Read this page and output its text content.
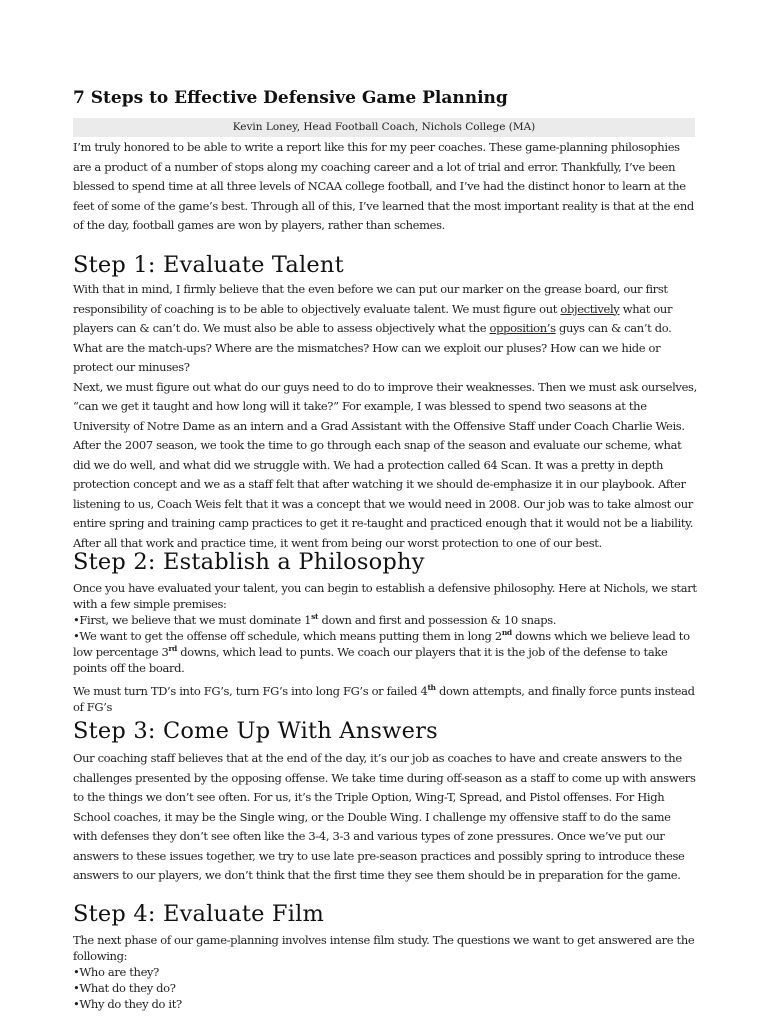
7 Steps to Effective Defensive Game Planning
Kevin Loney, Head Football Coach, Nichols College (MA)

I’m truly honored to be able to write a report like this for my peer coaches. These game-planning philosophies are a product of a number of stops along my coaching career and a lot of trial and error. Thankfully, I’ve been blessed to spend time at all three levels of NCAA college football, and I’ve had the distinct honor to learn at the feet of some of the game’s best. Through all of this, I’ve learned that the most important reality is that at the end of the day, football games are won by players, rather than schemes.

Step 1: Evaluate Talent

With that in mind, I firmly believe that the even before we can put our marker on the grease board, our first responsibility of coaching is to be able to objectively evaluate talent. We must figure out objectively what our players can & can’t do. We must also be able to assess objectively what the opposition’s guys can & can’t do. What are the match-ups? Where are the mismatches? How can we exploit our pluses? How can we hide or protect our minuses?

Next, we must figure out what do our guys need to do to improve their weaknesses. Then we must ask ourselves, “can we get it taught and how long will it take?” For example, I was blessed to spend two seasons at the University of Notre Dame as an intern and a Grad Assistant with the Offensive Staff under Coach Charlie Weis. After the 2007 season, we took the time to go through each snap of the season and evaluate our scheme, what did we do well, and what did we struggle with. We had a protection called 64 Scan. It was a pretty in depth protection concept and we as a staff felt that after watching it we should de-emphasize it in our playbook. After listening to us, Coach Weis felt that it was a concept that we would need in 2008. Our job was to take almost our entire spring and training camp practices to get it re-taught and practiced enough that it would not be a liability. After all that work and practice time, it went from being our worst protection to one of our best.

Step 2: Establish a Philosophy

Once you have evaluated your talent, you can begin to establish a defensive philosophy. Here at Nichols, we start with a few simple premises:

•First, we believe that we must dominate 1st down and first and possession & 10 snaps.

•We want to get the offense off schedule, which means putting them in long 2nd downs which we believe lead to low percentage 3rd downs, which lead to punts. We coach our players that it is the job of the defense to take points off the board.

We must turn TD’s into FG’s, turn FG’s into long FG’s or failed 4th down attempts, and finally force punts instead of FG’s

Step 3: Come Up With Answers

Our coaching staff believes that at the end of the day, it’s our job as coaches to have and create answers to the challenges presented by the opposing offense. We take time during off-season as a staff to come up with answers to the things we don’t see often. For us, it’s the Triple Option, Wing-T, Spread, and Pistol offenses. For High School coaches, it may be the Single wing, or the Double Wing. I challenge my offensive staff to do the same with defenses they don’t see often like the 3-4, 3-3 and various types of zone pressures. Once we’ve put our answers to these issues together, we try to use late pre-season practices and possibly spring to introduce these answers to our players, we don’t think that the first time they see them should be in preparation for the game.

Step 4: Evaluate Film

The next phase of our game-planning involves intense film study. The questions we want to get answered are the following:

•Who are they?

•What do they do?

•Why do they do it?
